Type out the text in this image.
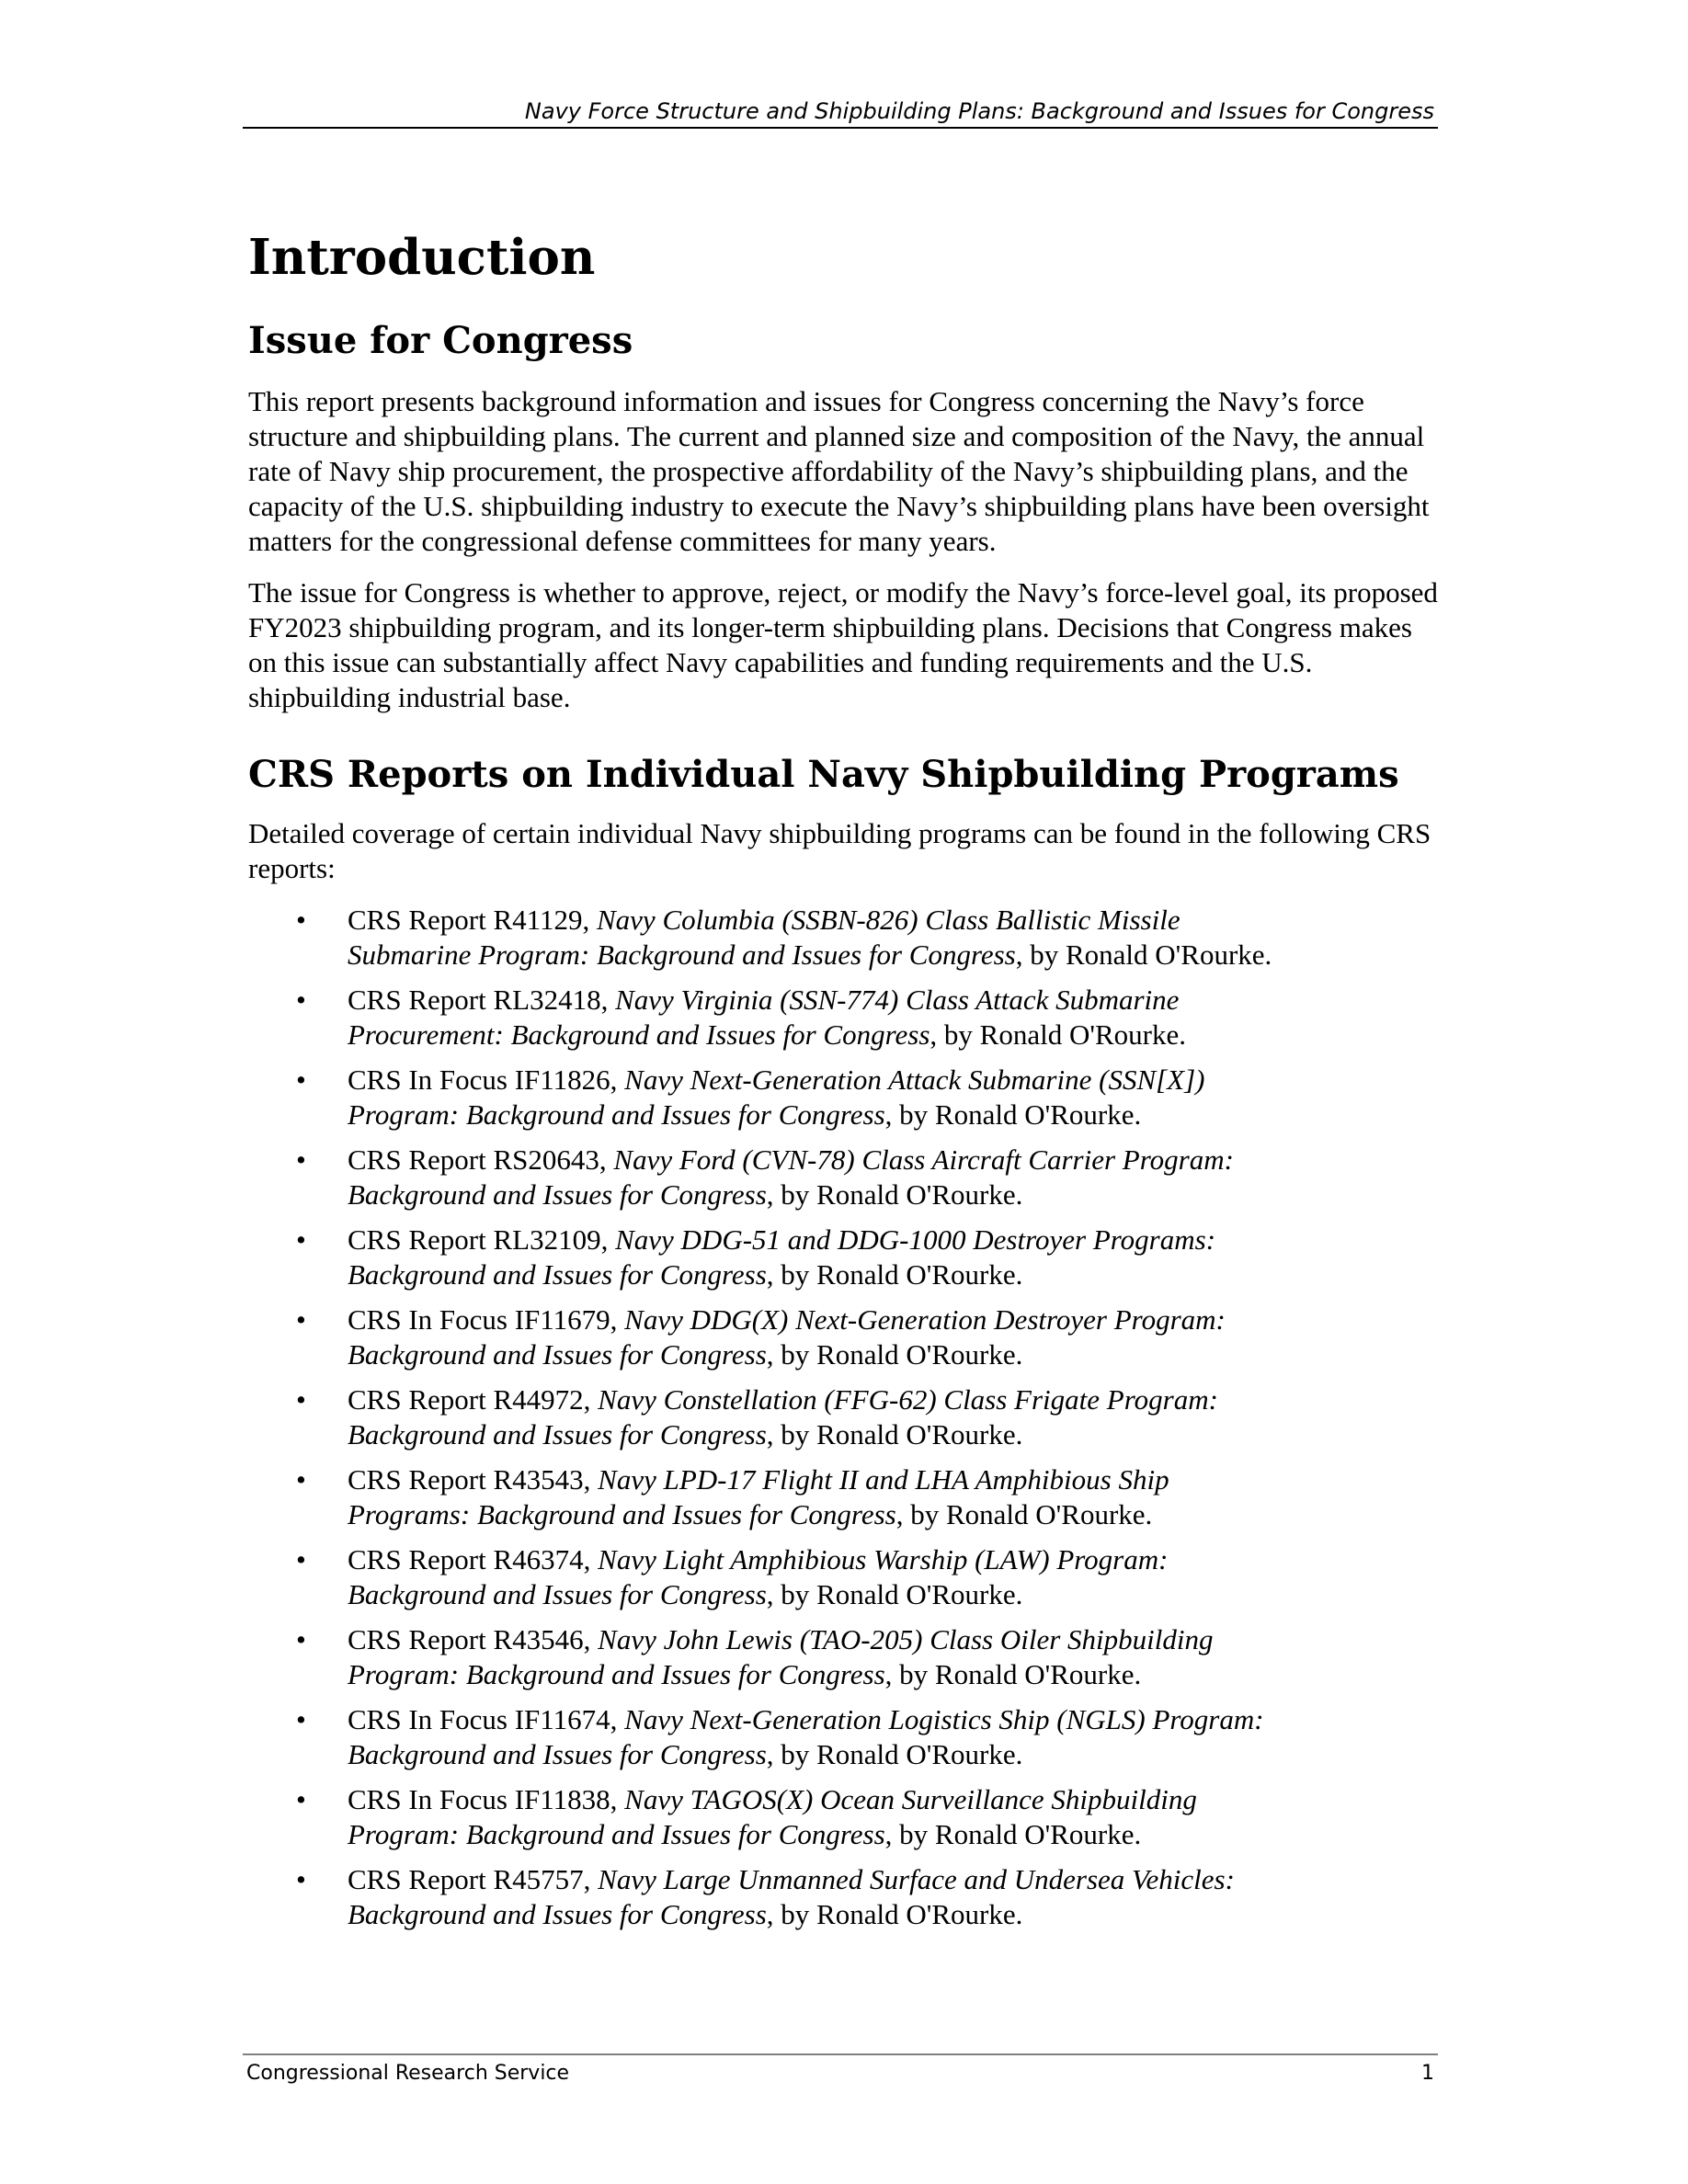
Navy Force Structure and Shipbuilding Plans: Background and Issues for Congress
Introduction
Issue for Congress

This report presents background information and issues for Congress concerning the Navy’s force structure and shipbuilding plans. The current and planned size and composition of the Navy, the annual rate of Navy ship procurement, the prospective affordability of the Navy’s shipbuilding plans, and the capacity of the U.S. shipbuilding industry to execute the Navy’s shipbuilding plans have been oversight matters for the congressional defense committees for many years.

The issue for Congress is whether to approve, reject, or modify the Navy’s force-level goal, its proposed FY2023 shipbuilding program, and its longer-term shipbuilding plans. Decisions that Congress makes on this issue can substantially affect Navy capabilities and funding requirements and the U.S. shipbuilding industrial base.

CRS Reports on Individual Navy Shipbuilding Programs

Detailed coverage of certain individual Navy shipbuilding programs can be found in the following CRS reports:

• CRS Report R41129, Navy Columbia (SSBN-826) Class Ballistic Missile
Submarine Program: Background and Issues for Congress, by Ronald O'Rourke.
• CRS Report RL32418, Navy Virginia (SSN-774) Class Attack Submarine
Procurement: Background and Issues for Congress, by Ronald O'Rourke.
• CRS In Focus IF11826, Navy Next-Generation Attack Submarine (SSN[X])
Program: Background and Issues for Congress, by Ronald O'Rourke.
• CRS Report RS20643, Navy Ford (CVN-78) Class Aircraft Carrier Program:
Background and Issues for Congress, by Ronald O'Rourke.
• CRS Report RL32109, Navy DDG-51 and DDG-1000 Destroyer Programs:
Background and Issues for Congress, by Ronald O'Rourke.
• CRS In Focus IF11679, Navy DDG(X) Next-Generation Destroyer Program:
Background and Issues for Congress, by Ronald O'Rourke.
• CRS Report R44972, Navy Constellation (FFG-62) Class Frigate Program:
Background and Issues for Congress, by Ronald O'Rourke.
• CRS Report R43543, Navy LPD-17 Flight II and LHA Amphibious Ship
Programs: Background and Issues for Congress, by Ronald O'Rourke.
• CRS Report R46374, Navy Light Amphibious Warship (LAW) Program:
Background and Issues for Congress, by Ronald O'Rourke.
• CRS Report R43546, Navy John Lewis (TAO-205) Class Oiler Shipbuilding
Program: Background and Issues for Congress, by Ronald O'Rourke.
• CRS In Focus IF11674, Navy Next-Generation Logistics Ship (NGLS) Program:
Background and Issues for Congress, by Ronald O'Rourke.
• CRS In Focus IF11838, Navy TAGOS(X) Ocean Surveillance Shipbuilding
Program: Background and Issues for Congress, by Ronald O'Rourke.
• CRS Report R45757, Navy Large Unmanned Surface and Undersea Vehicles:
Background and Issues for Congress, by Ronald O'Rourke.
Congressional Research Service	1
